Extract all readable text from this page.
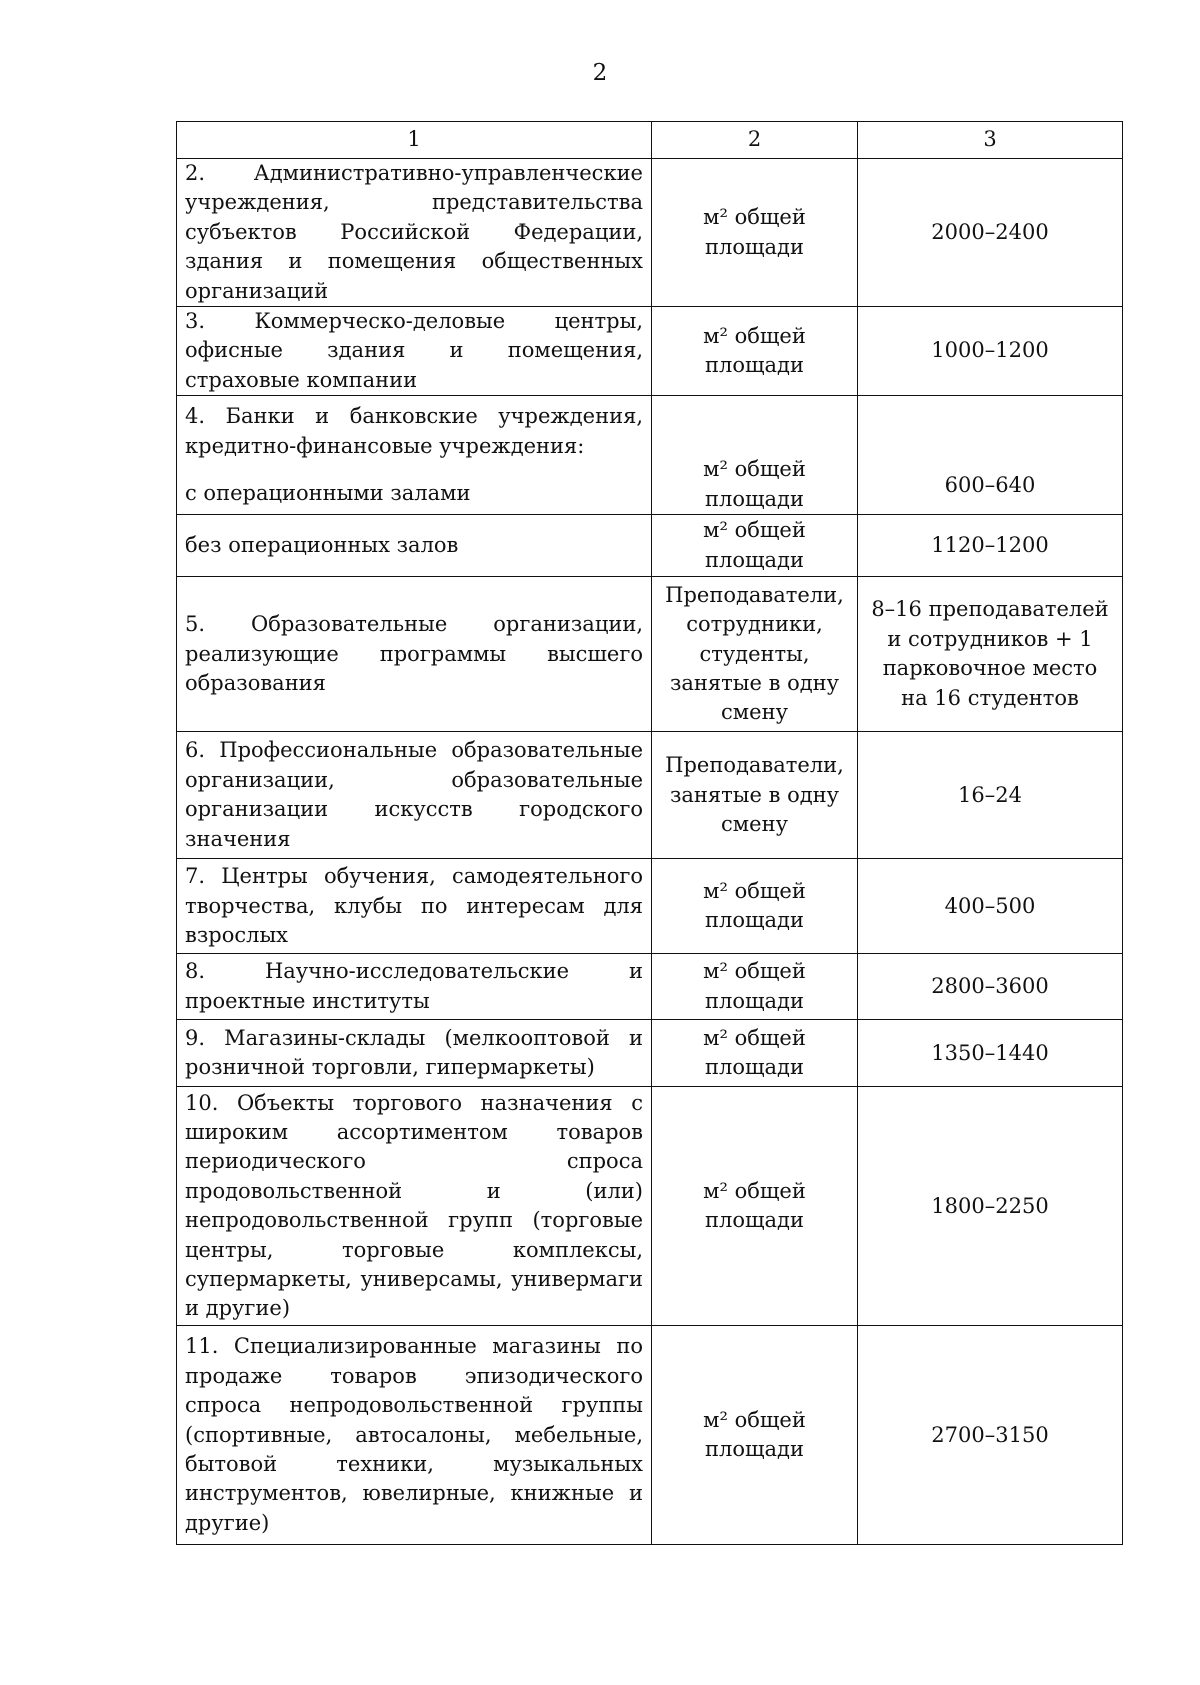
2
1	2	3
2. Административно-управленческие учреждения, представительства субъектов Российской Федерации, здания и помещения общественных организаций	м² общей
площади	2000–2400

3. Коммерческо-деловые центры, офисные здания и помещения, страховые компании	м² общей
площади	1000–1200

4. Банки и банковские учреждения, кредитно-финансовые учреждения:
с операционными залами	м² общей
площади	600–640

без операционных залов	м² общей
площади	1120–1200

5. Образовательные организации, реализующие программы высшего образования	Преподаватели,
сотрудники,
студенты,
занятые в одну
смену	8–16 преподавателей
и сотрудников + 1
парковочное место
на 16 студентов

6. Профессиональные образовательные организации, образовательные организации искусств городского значения	Преподаватели,
занятые в одну
смену	16–24

7. Центры обучения, самодеятельного творчества, клубы по интересам для взрослых	м² общей
площади	400–500

8. Научно-исследовательские и проектные институты	м² общей
площади	2800–3600

9. Магазины-склады (мелкооптовой и розничной торговли, гипермаркеты)	м² общей
площади	1350–1440

10. Объекты торгового назначения с широким ассортиментом товаров периодического спроса продовольственной и (или) непродовольственной групп (торговые центры, торговые комплексы, супермаркеты, универсамы, универмаги и другие)	м² общей
площади	1800–2250

11. Специализированные магазины по продаже товаров эпизодического спроса непродовольственной группы (спортивные, автосалоны, мебельные, бытовой техники, музыкальных инструментов, ювелирные, книжные и другие)	м² общей
площади	2700–3150
